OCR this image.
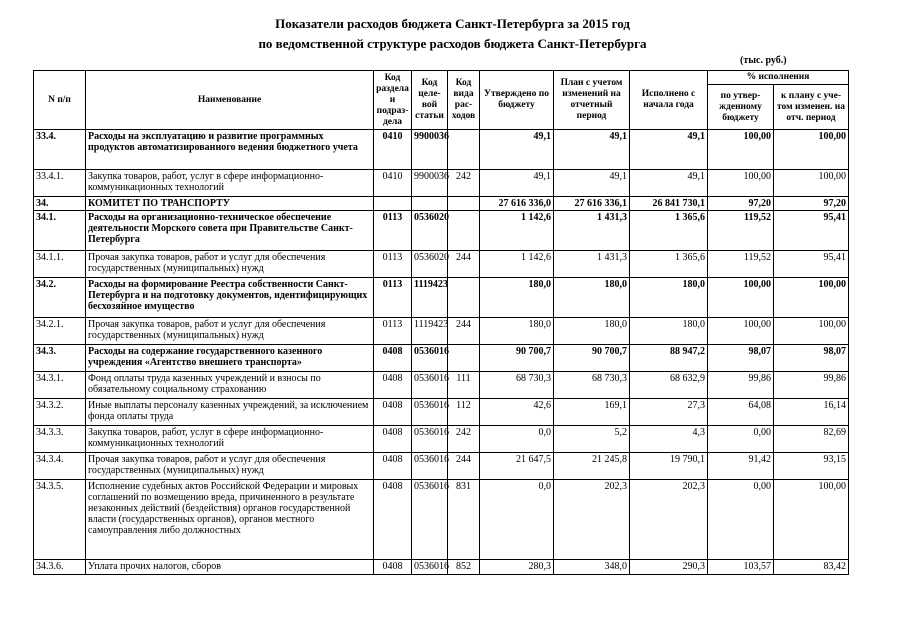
Показатели расходов бюджета Санкт-Петербурга за 2015 год
по ведомственной структуре расходов бюджета Санкт-Петербурга
(тыс. руб.)
N п/п	Наименование	Код раздела и подраз-дела	Код целе-вой статьи	Код вида рас-ходов	Утверждено по бюджету	План с учетом изменений на отчетный период	Исполнено с начала года	% исполнения	
								по утвер-жденному бюджету	к плану с уче-том изменен. на отч. период
33.4.	Расходы на эксплуатацию и развитие программных продуктов автоматизированного ведения бюджетного учета	0410	9900036		49,1	49,1	49,1	100,00	100,00
33.4.1.	Закупка товаров, работ, услуг в сфере информационно-коммуникационных технологий	0410	9900036	242	49,1	49,1	49,1	100,00	100,00
34.	КОМИТЕТ ПО ТРАНСПОРТУ				27 616 336,0	27 616 336,1	26 841 730,1	97,20	97,20
34.1.	Расходы на организационно-техническое обеспечение деятельности Морского совета при Правительстве Санкт-Петербурга	0113	0536020		1 142,6	1 431,3	1 365,6	119,52	95,41
34.1.1.	Прочая закупка товаров, работ и услуг для обеспечения государственных (муниципальных) нужд	0113	0536020	244	1 142,6	1 431,3	1 365,6	119,52	95,41
34.2.	Расходы на формирование Реестра собственности Санкт-Петербурга и на подготовку документов, идентифицирующих бесхозяйное имущество	0113	1119423		180,0	180,0	180,0	100,00	100,00
34.2.1.	Прочая закупка товаров, работ и услуг для обеспечения государственных (муниципальных) нужд	0113	1119423	244	180,0	180,0	180,0	100,00	100,00
34.3.	Расходы на содержание государственного казенного учреждения «Агентство внешнего транспорта»	0408	0536016		90 700,7	90 700,7	88 947,2	98,07	98,07
34.3.1.	Фонд оплаты труда казенных учреждений и взносы по обязательному социальному страхованию	0408	0536016	111	68 730,3	68 730,3	68 632,9	99,86	99,86
34.3.2.	Иные выплаты персоналу казенных учреждений, за исключением фонда оплаты труда	0408	0536016	112	42,6	169,1	27,3	64,08	16,14
34.3.3.	Закупка товаров, работ, услуг в сфере информационно-коммуникационных технологий	0408	0536016	242	0,0	5,2	4,3	0,00	82,69
34.3.4.	Прочая закупка товаров, работ и услуг для обеспечения государственных (муниципальных) нужд	0408	0536016	244	21 647,5	21 245,8	19 790,1	91,42	93,15
34.3.5.	Исполнение судебных актов Российской Федерации и мировых соглашений по возмещению вреда, причиненного в результате незаконных действий (бездействия) органов государственной власти (государственных органов), органов местного самоуправления либо должностных	0408	0536016	831	0,0	202,3	202,3	0,00	100,00
34.3.6.	Уплата прочих налогов, сборов	0408	0536016	852	280,3	348,0	290,3	103,57	83,42
